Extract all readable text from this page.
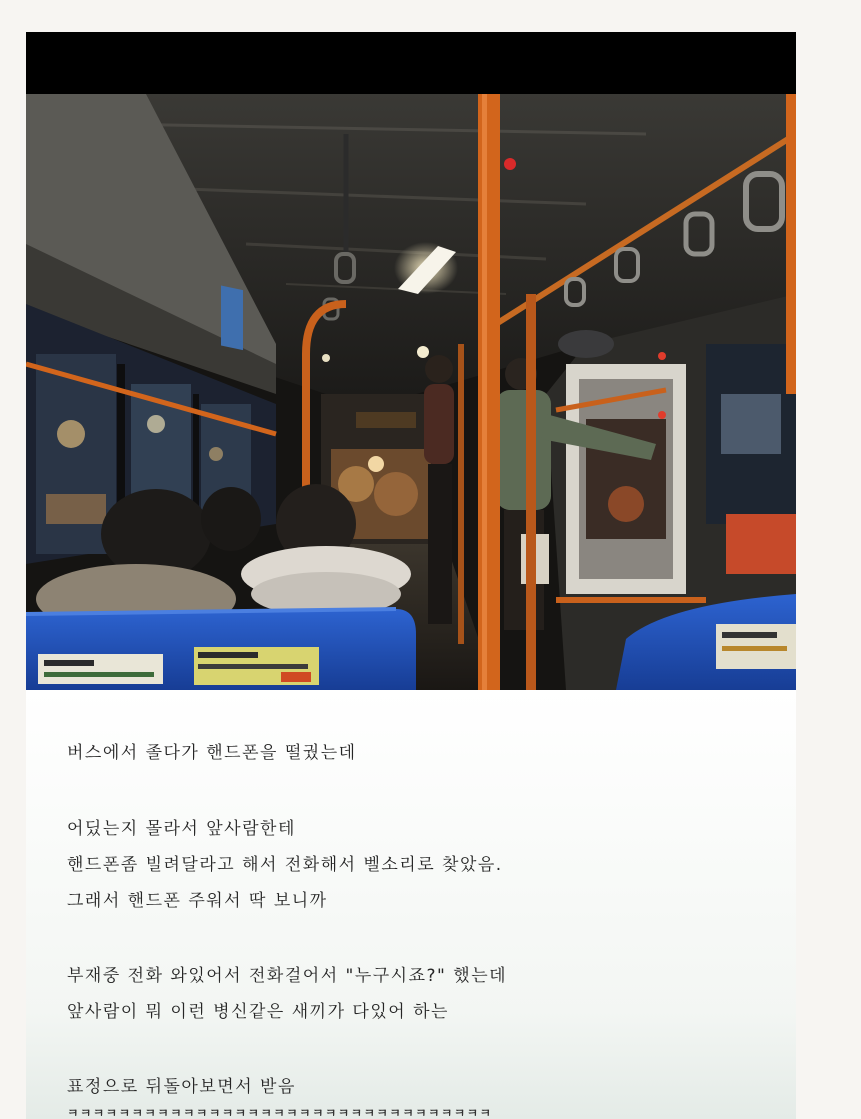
버스에서 졸다가 핸드폰을 떨궜는데
어딨는지 몰라서 앞사람한테
핸드폰좀 빌려달라고 해서 전화해서 벨소리로 찾았음.
그래서 핸드폰 주워서 딱 보니까
부재중 전화 와있어서 전화걸어서 "누구시죠?" 했는데
앞사람이 뭐 이런 병신같은 새끼가 다있어 하는
표정으로 뒤돌아보면서 받음
ㅋㅋㅋㅋㅋㅋㅋㅋㅋㅋㅋㅋㅋㅋㅋㅋㅋㅋㅋㅋㅋㅋㅋㅋㅋㅋㅋㅋㅋㅋㅋㅋㅋ
